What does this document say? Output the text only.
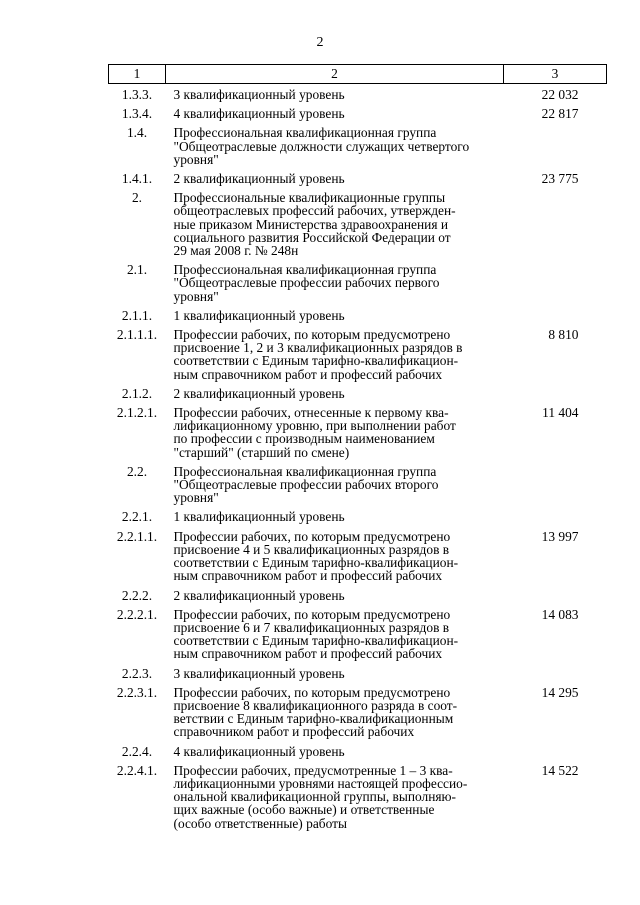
2
1	2	3
1.3.3.	3 квалификационный уровень	22 032
1.3.4.	4 квалификационный уровень	22 817
1.4.	Профессиональная квалификационная группа
"Общеотраслевые должности служащих четвертого
уровня"	

1.4.1.	2 квалификационный уровень	23 775
2.	Профессиональные квалификационные группы
общеотраслевых профессий рабочих, утвержден-
ные приказом Министерства здравоохранения и
социального развития Российской Федерации от
29 мая 2008 г. № 248н	

2.1.	Профессиональная квалификационная группа
"Общеотраслевые профессии рабочих первого
уровня"	

2.1.1.	1 квалификационный уровень	

2.1.1.1.	Профессии рабочих, по которым предусмотрено
присвоение 1, 2 и 3 квалификационных разрядов в
соответствии с Единым тарифно-квалификацион-
ным справочником работ и профессий рабочих	8 810
2.1.2.	2 квалификационный уровень	

2.1.2.1.	Профессии рабочих, отнесенные к первому ква-
лификационному уровню, при выполнении работ
по профессии с производным наименованием
"старший" (старший по смене)	11 404
2.2.	Профессиональная квалификационная группа
"Общеотраслевые профессии рабочих второго
уровня"	

2.2.1.	1 квалификационный уровень	

2.2.1.1.	Профессии рабочих, по которым предусмотрено
присвоение 4 и 5 квалификационных разрядов в
соответствии с Единым тарифно-квалификацион-
ным справочником работ и профессий рабочих	13 997
2.2.2.	2 квалификационный уровень	

2.2.2.1.	Профессии рабочих, по которым предусмотрено
присвоение 6 и 7 квалификационных разрядов в
соответствии с Единым тарифно-квалификацион-
ным справочником работ и профессий рабочих	14 083
2.2.3.	3 квалификационный уровень	

2.2.3.1.	Профессии рабочих, по которым предусмотрено
присвоение 8 квалификационного разряда в соот-
ветствии с Единым тарифно-квалификационным
справочником работ и профессий рабочих	14 295
2.2.4.	4 квалификационный уровень	

2.2.4.1.	Профессии рабочих, предусмотренные 1 – 3 ква-
лификационными уровнями настоящей профессио-
ональной квалификационной группы, выполняю-
щих важные (особо важные) и ответственные
(особо ответственные) работы	14 522
